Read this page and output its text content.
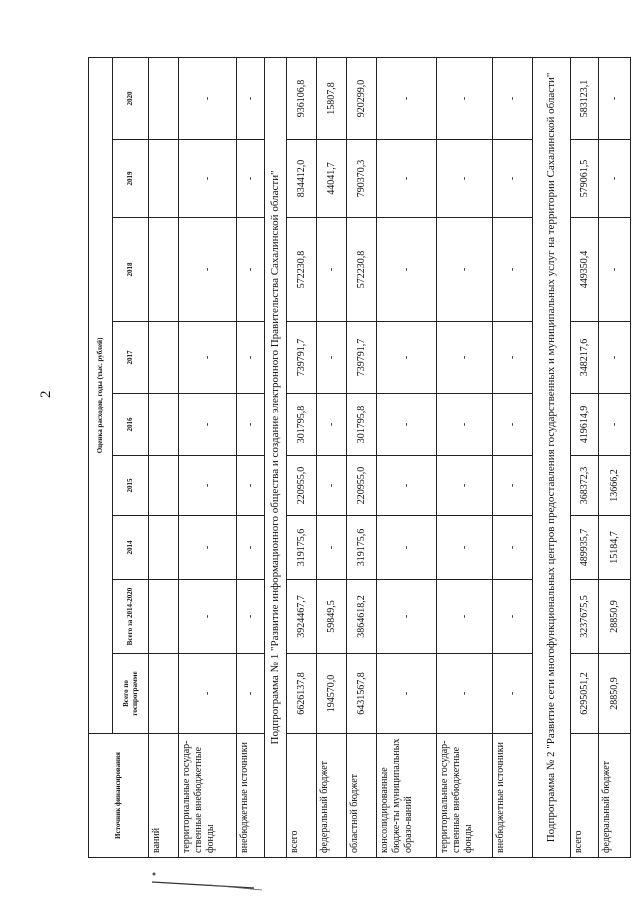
2
Источник финансирования	Оценка расходов, годы (тыс. рублей)								
	Всего по госпрограмме	Всего за 2014-2020	2014	2015	2016	2017	2018	2019	2020
ваний									
территориальные государ-ственные внебюджетные фонды	-	-	-	-	-	-	-	-	-
внебюджетные источники	-	-	-	-	-	-	-	-	-
Подпрограмма № 1 "Развитие информационного общества и создание электронного Правительства Сахалинской области"									
всего	6626137,8	3924467,7	319175,6	220955,0	301795,8	739791,7	572230,8	834412,0	936106,8
федеральный бюджет	194570,0	59849,5	-	-	-	-	-	44041,7	15807,8
областной бюджет	6431567,8	3864618,2	319175,6	220955,0	301795,8	739791,7	572230,8	790370,3	920299,0
консолидированные бюдже-ты муниципальных образо-ваний	-	-	-	-	-	-	-	-	-
территориальные государ-ственные внебюджетные фонды	-	-	-	-	-	-	-	-	-
внебюджетные источники	-	-	-	-	-	-	-	-	-
Подпрограмма № 2 "Развитие сети многофункциональных центров предоставления государственных и муниципальных услуг на территории Сахалинской области"									
всего	6295051,2	3237675,5	489935,7	368372,3	419614,9	348217,6	449350,4	579061,5	583123,1
федеральный бюджет	28850,9	28850,9	15184,7	13666,2	-	-	-	-	-
